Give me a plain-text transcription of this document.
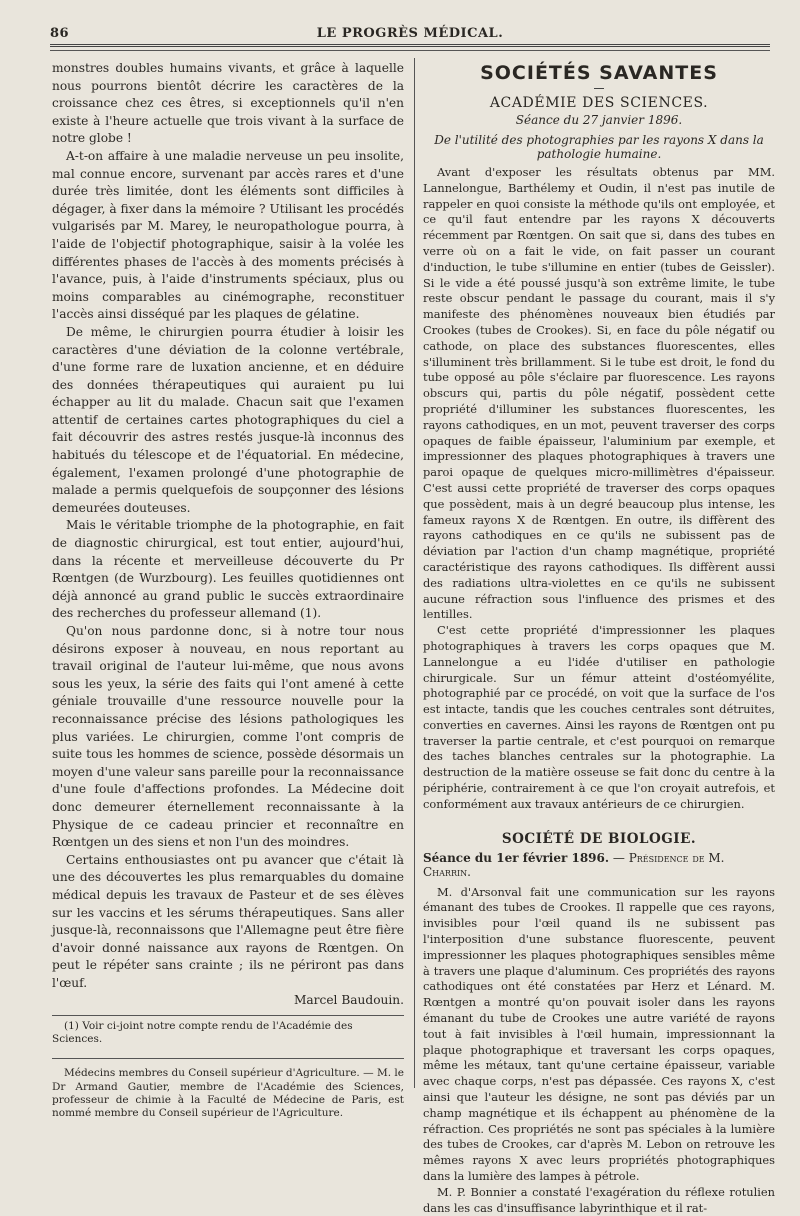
86	LE PROGRÈS MÉDICAL.

monstres doubles humains vivants, et grâce à laquelle nous pourrons bientôt décrire les caractères de la croissance chez ces êtres, si exceptionnels qu'il n'en existe à l'heure actuelle que trois vivant à la surface de notre globe !

A-t-on affaire à une maladie nerveuse un peu insolite, mal connue encore, survenant par accès rares et d'une durée très limitée, dont les éléments sont difficiles à dégager, à fixer dans la mémoire ? Utilisant les procédés vulgarisés par M. Marey, le neuropathologue pourra, à l'aide de l'objectif photographique, saisir à la volée les différentes phases de l'accès à des moments précisés à l'avance, puis, à l'aide d'instruments spéciaux, plus ou moins comparables au cinémographe, reconstituer l'accès ainsi disséqué par les plaques de gélatine.

De même, le chirurgien pourra étudier à loisir les caractères d'une déviation de la colonne vertébrale, d'une forme rare de luxation ancienne, et en déduire des données thérapeutiques qui auraient pu lui échapper au lit du malade. Chacun sait que l'examen attentif de certaines cartes photographiques du ciel a fait découvrir des astres restés jusque-là inconnus des habitués du télescope et de l'équatorial. En médecine, également, l'examen prolongé d'une photographie de malade a permis quelquefois de soupçonner des lésions demeurées douteuses.

Mais le véritable triomphe de la photographie, en fait de diagnostic chirurgical, est tout entier, aujourd'hui, dans la récente et merveilleuse découverte du Pr Rœntgen (de Wurzbourg). Les feuilles quotidiennes ont déjà annoncé au grand public le succès extraordinaire des recherches du professeur allemand (1).

Qu'on nous pardonne donc, si à notre tour nous désirons exposer à nouveau, en nous reportant au travail original de l'auteur lui-même, que nous avons sous les yeux, la série des faits qui l'ont amené à cette géniale trouvaille d'une ressource nouvelle pour la reconnaissance précise des lésions pathologiques les plus variées. Le chirurgien, comme l'ont compris de suite tous les hommes de science, possède désormais un moyen d'une valeur sans pareille pour la reconnaissance d'une foule d'affections profondes. La Médecine doit donc demeurer éternellement reconnaissante à la Physique de ce cadeau princier et reconnaître en Rœntgen un des siens et non l'un des moindres.

Certains enthousiastes ont pu avancer que c'était là une des découvertes les plus remarquables du domaine médical depuis les travaux de Pasteur et de ses élèves sur les vaccins et les sérums thérapeutiques. Sans aller jusque-là, reconnaissons que l'Allemagne peut être fière d'avoir donné naissance aux rayons de Rœntgen. On peut le répéter sans crainte ; ils ne périront pas dans l'œuf.

Marcel Baudouin.

(1) Voir ci-joint notre compte rendu de l'Académie des Sciences.

Médecins membres du Conseil supérieur d'Agriculture. — M. le Dr Armand Gautier, membre de l'Académie des Sciences, professeur de chimie à la Faculté de Médecine de Paris, est nommé membre du Conseil supérieur de l'Agriculture.

SOCIÉTÉS SAVANTES
ACADÉMIE DES SCIENCES.
Séance du 27 janvier 1896.
De l'utilité des photographies par les rayons X dans la pathologie humaine.

Avant d'exposer les résultats obtenus par MM. Lannelongue, Barthélemy et Oudin, il n'est pas inutile de rappeler en quoi consiste la méthode qu'ils ont employée, et ce qu'il faut entendre par les rayons X découverts récemment par Rœntgen. On sait que si, dans des tubes en verre où on a fait le vide, on fait passer un courant d'induction, le tube s'illumine en entier (tubes de Geissler). Si le vide a été poussé jusqu'à son extrême limite, le tube reste obscur pendant le passage du courant, mais il s'y manifeste des phénomènes nouveaux bien étudiés par Crookes (tubes de Crookes). Si, en face du pôle négatif ou cathode, on place des substances fluorescentes, elles s'illuminent très brillamment. Si le tube est droit, le fond du tube opposé au pôle s'éclaire par fluorescence. Les rayons obscurs qui, partis du pôle négatif, possèdent cette propriété d'illuminer les substances fluorescentes, les rayons cathodiques, en un mot, peuvent traverser des corps opaques de faible épaisseur, l'aluminium par exemple, et impressionner des plaques photographiques à travers une paroi opaque de quelques micro-millimètres d'épaisseur. C'est aussi cette propriété de traverser des corps opaques que possèdent, mais à un degré beaucoup plus intense, les fameux rayons X de Rœntgen. En outre, ils diffèrent des rayons cathodiques en ce qu'ils ne subissent pas de déviation par l'action d'un champ magnétique, propriété caractéristique des rayons cathodiques. Ils diffèrent aussi des radiations ultra-violettes en ce qu'ils ne subissent aucune réfraction sous l'influence des prismes et des lentilles.

C'est cette propriété d'impressionner les plaques photographiques à travers les corps opaques que M. Lannelongue a eu l'idée d'utiliser en pathologie chirurgicale. Sur un fémur atteint d'ostéomyélite, photographié par ce procédé, on voit que la surface de l'os est intacte, tandis que les couches centrales sont détruites, converties en cavernes. Ainsi les rayons de Rœntgen ont pu traverser la partie centrale, et c'est pourquoi on remarque des taches blanches centrales sur la photographie. La destruction de la matière osseuse se fait donc du centre à la périphérie, contrairement à ce que l'on croyait autrefois, et conformément aux travaux antérieurs de ce chirurgien.

SOCIÉTÉ DE BIOLOGIE.

Séance du 1er février 1896. — Présidence de M. Charrin.

M. d'Arsonval fait une communication sur les rayons émanant des tubes de Crookes. Il rappelle que ces rayons, invisibles pour l'œil quand ils ne subissent pas l'interposition d'une substance fluorescente, peuvent impressionner les plaques photographiques sensibles même à travers une plaque d'aluminum. Ces propriétés des rayons cathodiques ont été constatées par Herz et Lénard. M. Rœntgen a montré qu'on pouvait isoler dans les rayons émanant du tube de Crookes une autre variété de rayons tout à fait invisibles à l'œil humain, impressionnant la plaque photographique et traversant les corps opaques, même les métaux, tant qu'une certaine épaisseur, variable avec chaque corps, n'est pas dépassée. Ces rayons X, c'est ainsi que l'auteur les désigne, ne sont pas déviés par un champ magnétique et ils échappent au phénomène de la réfraction. Ces propriétés ne sont pas spéciales à la lumière des tubes de Crookes, car d'après M. Lebon on retrouve les mêmes rayons X avec leurs propriétés photographiques dans la lumière des lampes à pétrole.

M. P. Bonnier a constaté l'exagération du réflexe rotulien dans les cas d'insuffisance labyrinthique et il rat-
